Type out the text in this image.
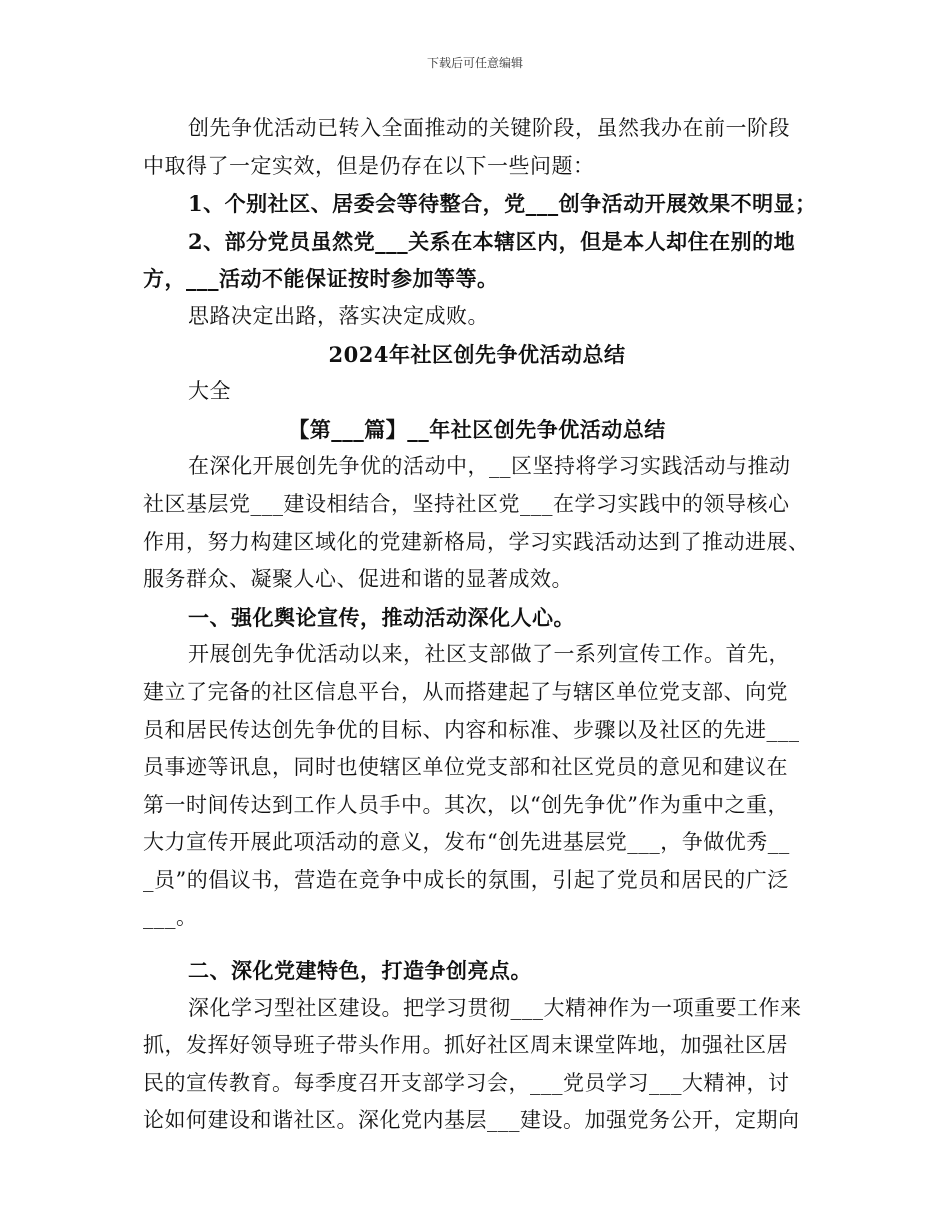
下载后可任意编辑
创先争优活动已转入全面推动的关键阶段，虽然我办在前一阶段
中取得了一定实效，但是仍存在以下一些问题：
1、个别社区、居委会等待整合，党___创争活动开展效果不明显；
2、部分党员虽然党___关系在本辖区内，但是本人却住在别的地
方，___活动不能保证按时参加等等。
思路决定出路，落实决定成败。
2024年社区创先争优活动总结
大全
【第___篇】__年社区创先争优活动总结
在深化开展创先争优的活动中，__区坚持将学习实践活动与推动
社区基层党___建设相结合，坚持社区党___在学习实践中的领导核心
作用，努力构建区域化的党建新格局，学习实践活动达到了推动进展、
服务群众、凝聚人心、促进和谐的显著成效。
一、强化舆论宣传，推动活动深化人心。
开展创先争优活动以来，社区支部做了一系列宣传工作。首先，
建立了完备的社区信息平台，从而搭建起了与辖区单位党支部、向党
员和居民传达创先争优的目标、内容和标准、步骤以及社区的先进___
员事迹等讯息，同时也使辖区单位党支部和社区党员的意见和建议在
第一时间传达到工作人员手中。其次，以“创先争优”作为重中之重，
大力宣传开展此项活动的意义，发布“创先进基层党___，争做优秀__
_员”的倡议书，营造在竞争中成长的氛围，引起了党员和居民的广泛
___。
二、深化党建特色，打造争创亮点。
深化学习型社区建设。把学习贯彻___大精神作为一项重要工作来
抓，发挥好领导班子带头作用。抓好社区周末课堂阵地，加强社区居
民的宣传教育。每季度召开支部学习会，___党员学习___大精神，讨
论如何建设和谐社区。深化党内基层___建设。加强党务公开，定期向
